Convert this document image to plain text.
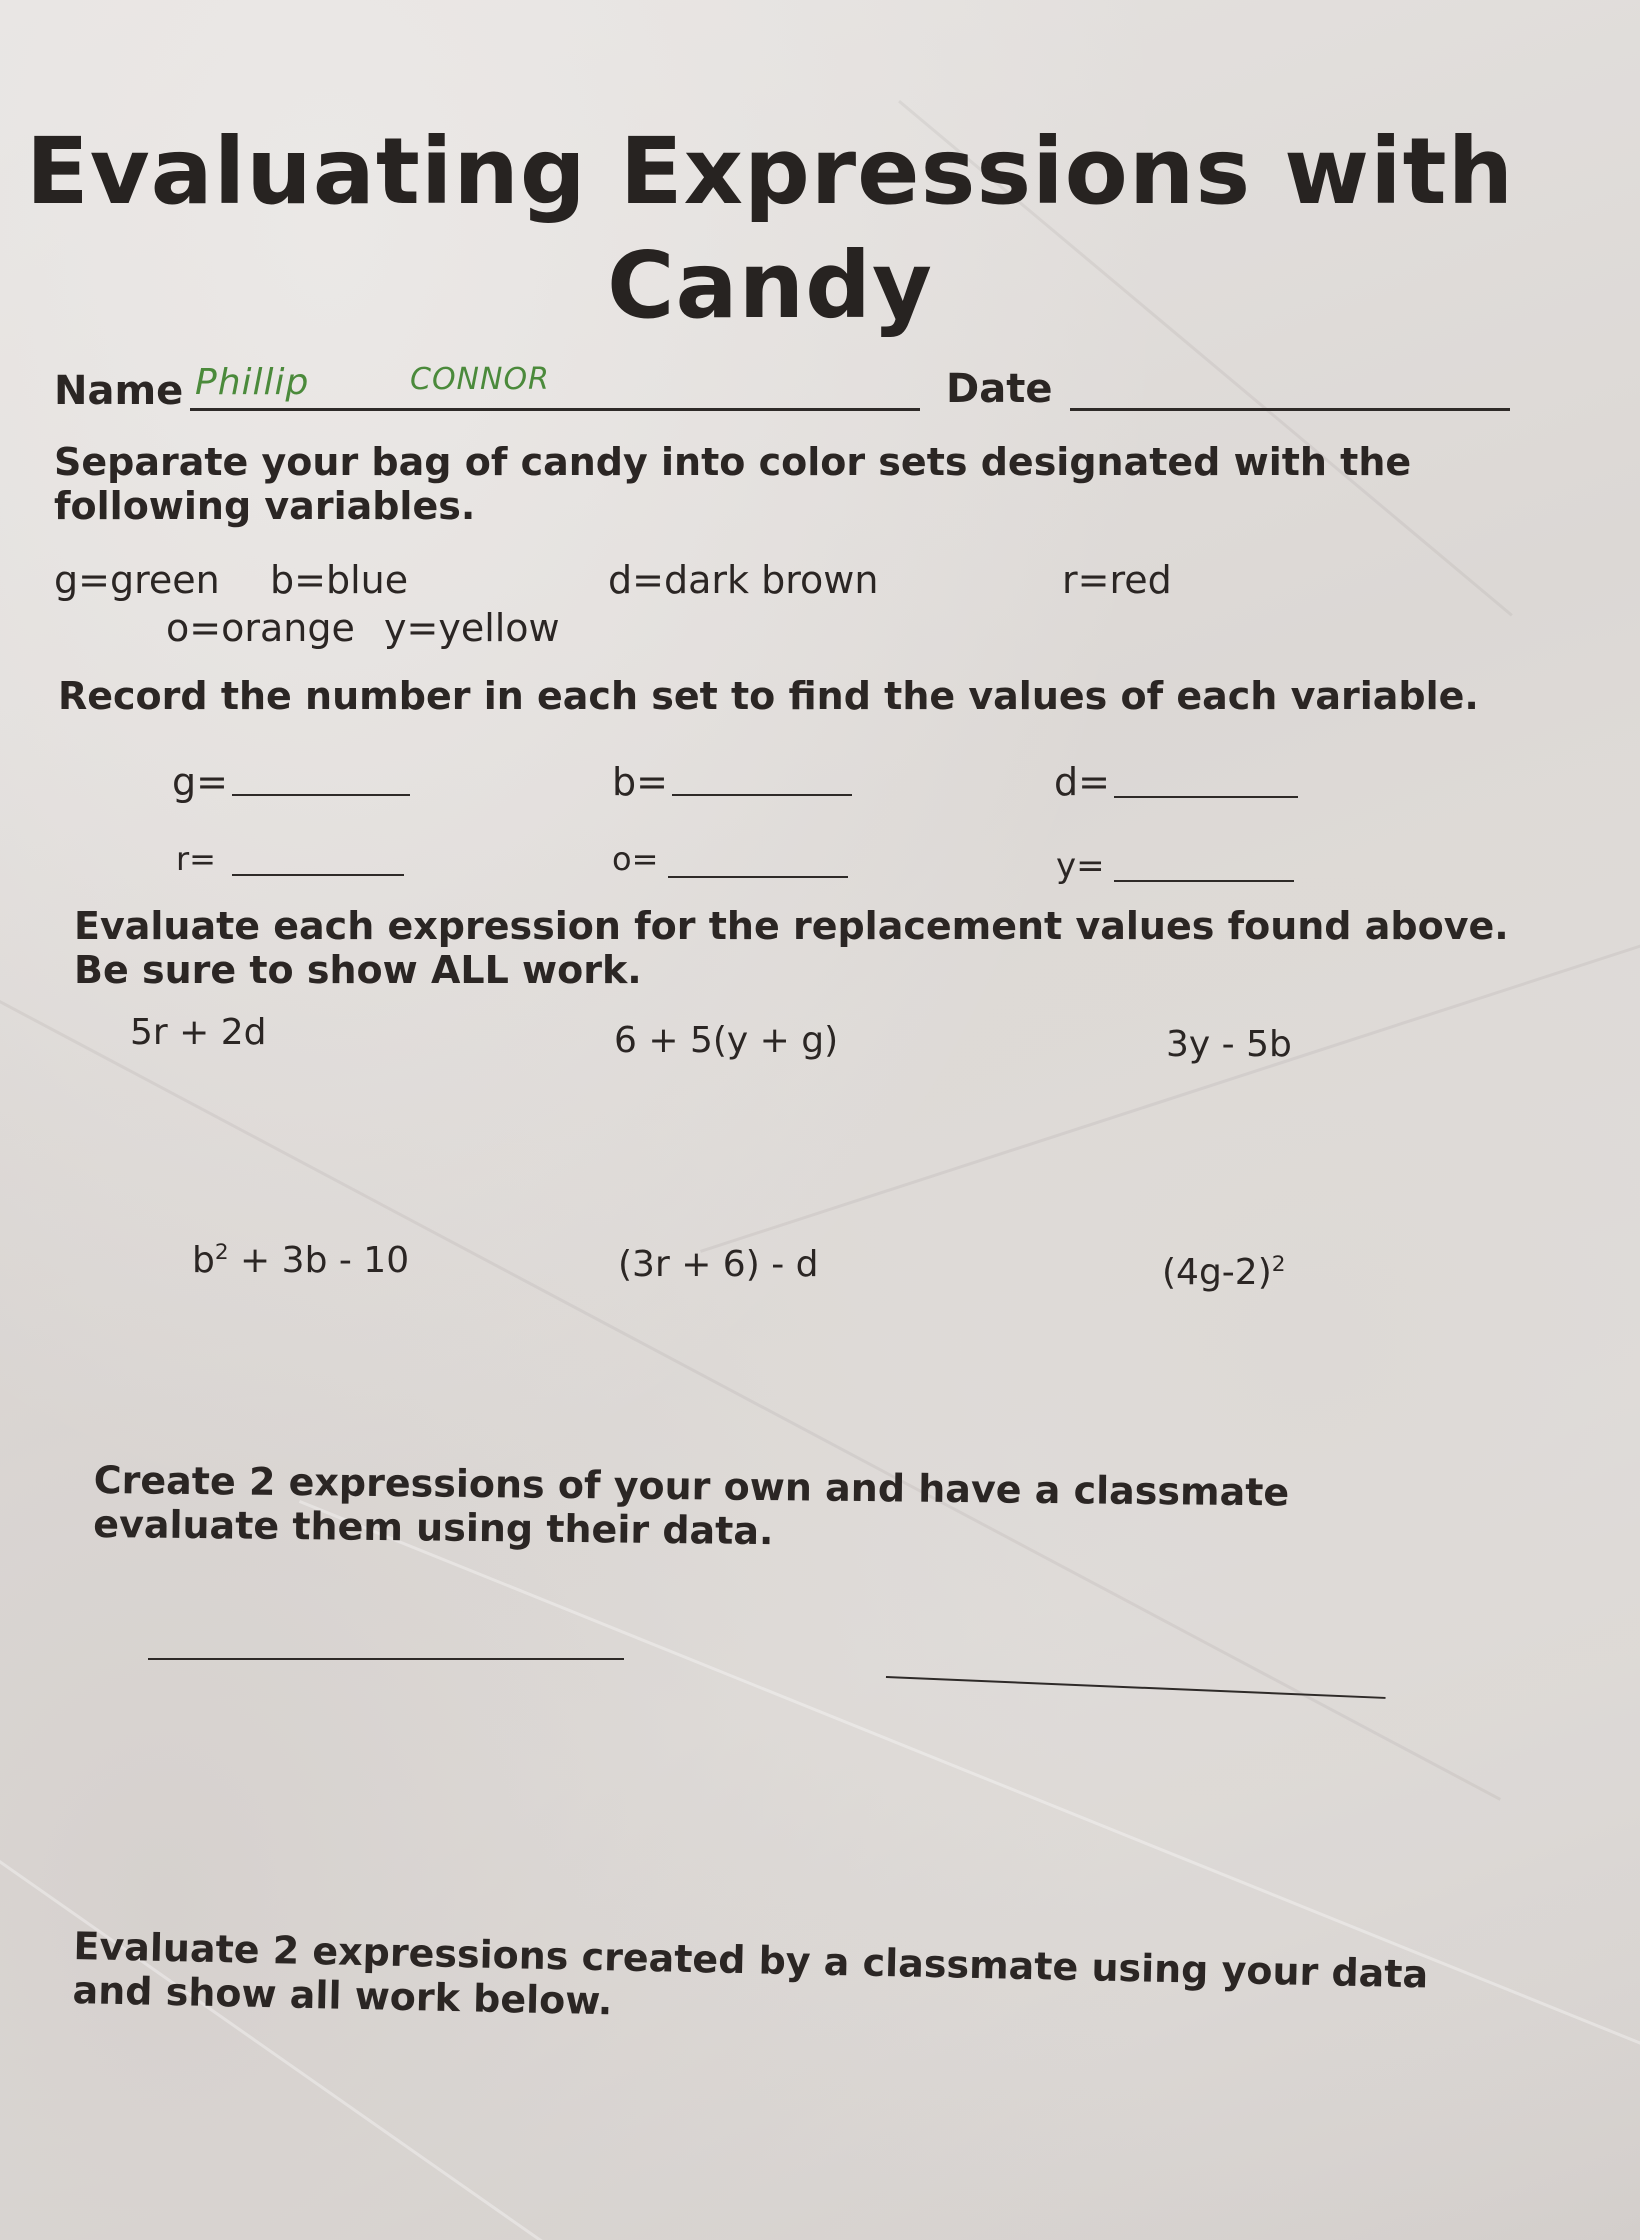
Evaluating Expressions with
Candy
Name Phillip	CONNOR	Date
Separate your bag of candy into color sets designated with the following variables.
g=green b=blue	d=dark brown	r=red
o=orange y=yellow
Record the number in each set to find the values of each variable.
g=	b=	d=
r=	o=	y=
Evaluate each expression for the replacement values found above. Be sure to show ALL work.
5r + 2d	6 + 5(y + g)	3y - 5b
$b^2 + 3b - 10$	(3r + 6) - d	$(4g-2)^2$
Create 2 expressions of your own and have a classmate evaluate them using their data.
Evaluate 2 expressions created by a classmate using your data and show all work below.
